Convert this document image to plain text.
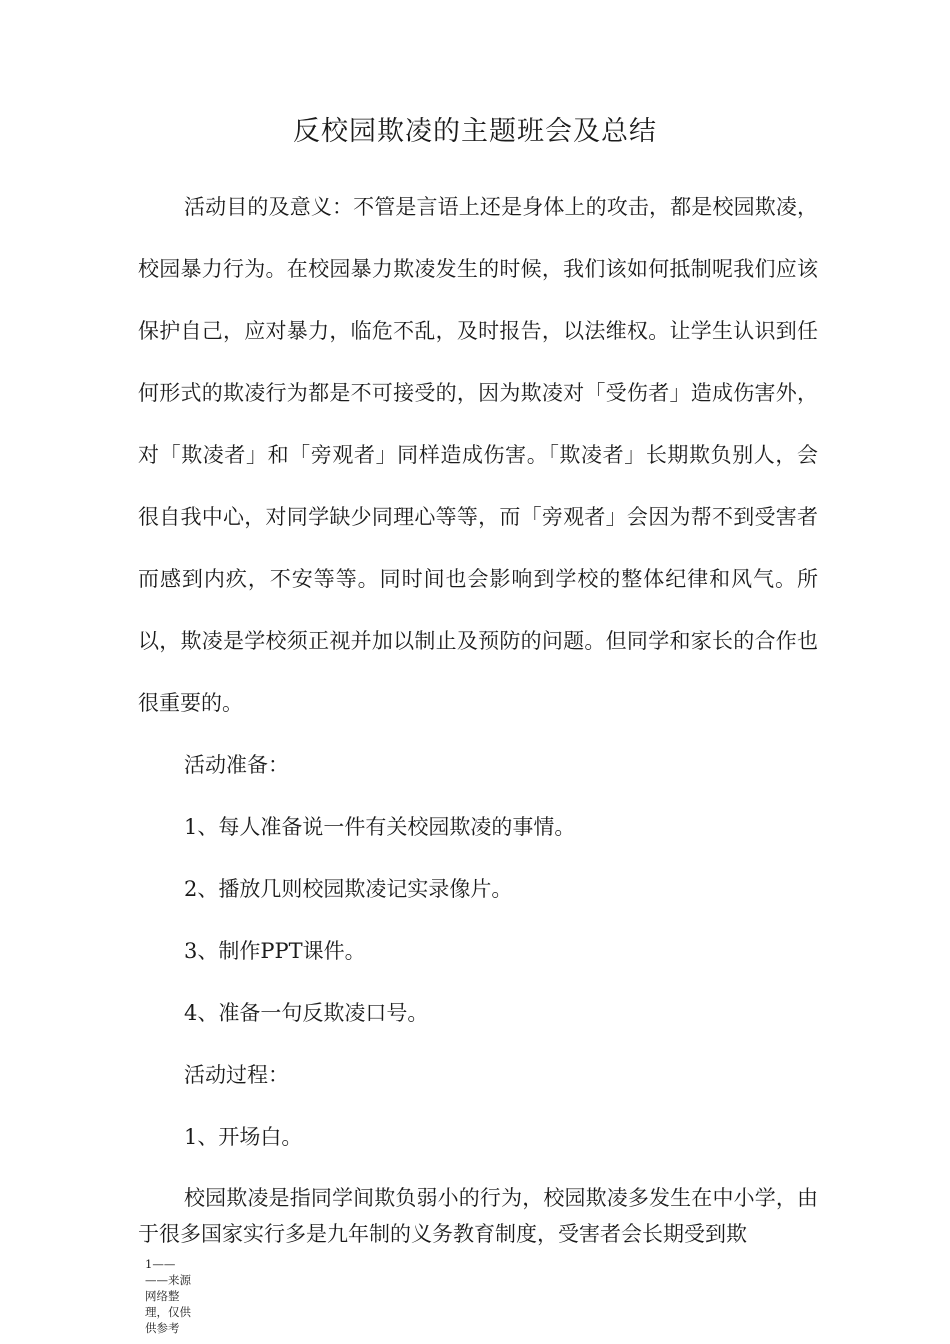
反校园欺凌的主题班会及总结

活动目的及意义：不管是言语上还是身体上的攻击，都是校园欺凌，校园暴力行为。在校园暴力欺凌发生的时候，我们该如何抵制呢我们应该保护自己，应对暴力，临危不乱，及时报告，以法维权。让学生认识到任何形式的欺凌行为都是不可接受的，因为欺凌对「受伤者」造成伤害外，对「欺凌者」和「旁观者」同样造成伤害。「欺凌者」长期欺负别人，会很自我中心，对同学缺少同理心等等，而「旁观者」会因为帮不到受害者而感到内疚，不安等等。同时间也会影响到学校的整体纪律和风气。所以，欺凌是学校须正视并加以制止及预防的问题。但同学和家长的合作也很重要的。

活动准备：

1、每人准备说一件有关校园欺凌的事情。

2、播放几则校园欺凌记实录像片。

3、制作PPT课件。

4、准备一句反欺凌口号。

活动过程：

1、开场白。

校园欺凌是指同学间欺负弱小的行为，校园欺凌多发生在中小学，由于很多国家实行多是九年制的义务教育制度，受害者会长期受到欺

1—— ——来源网络整理，仅供供参考
